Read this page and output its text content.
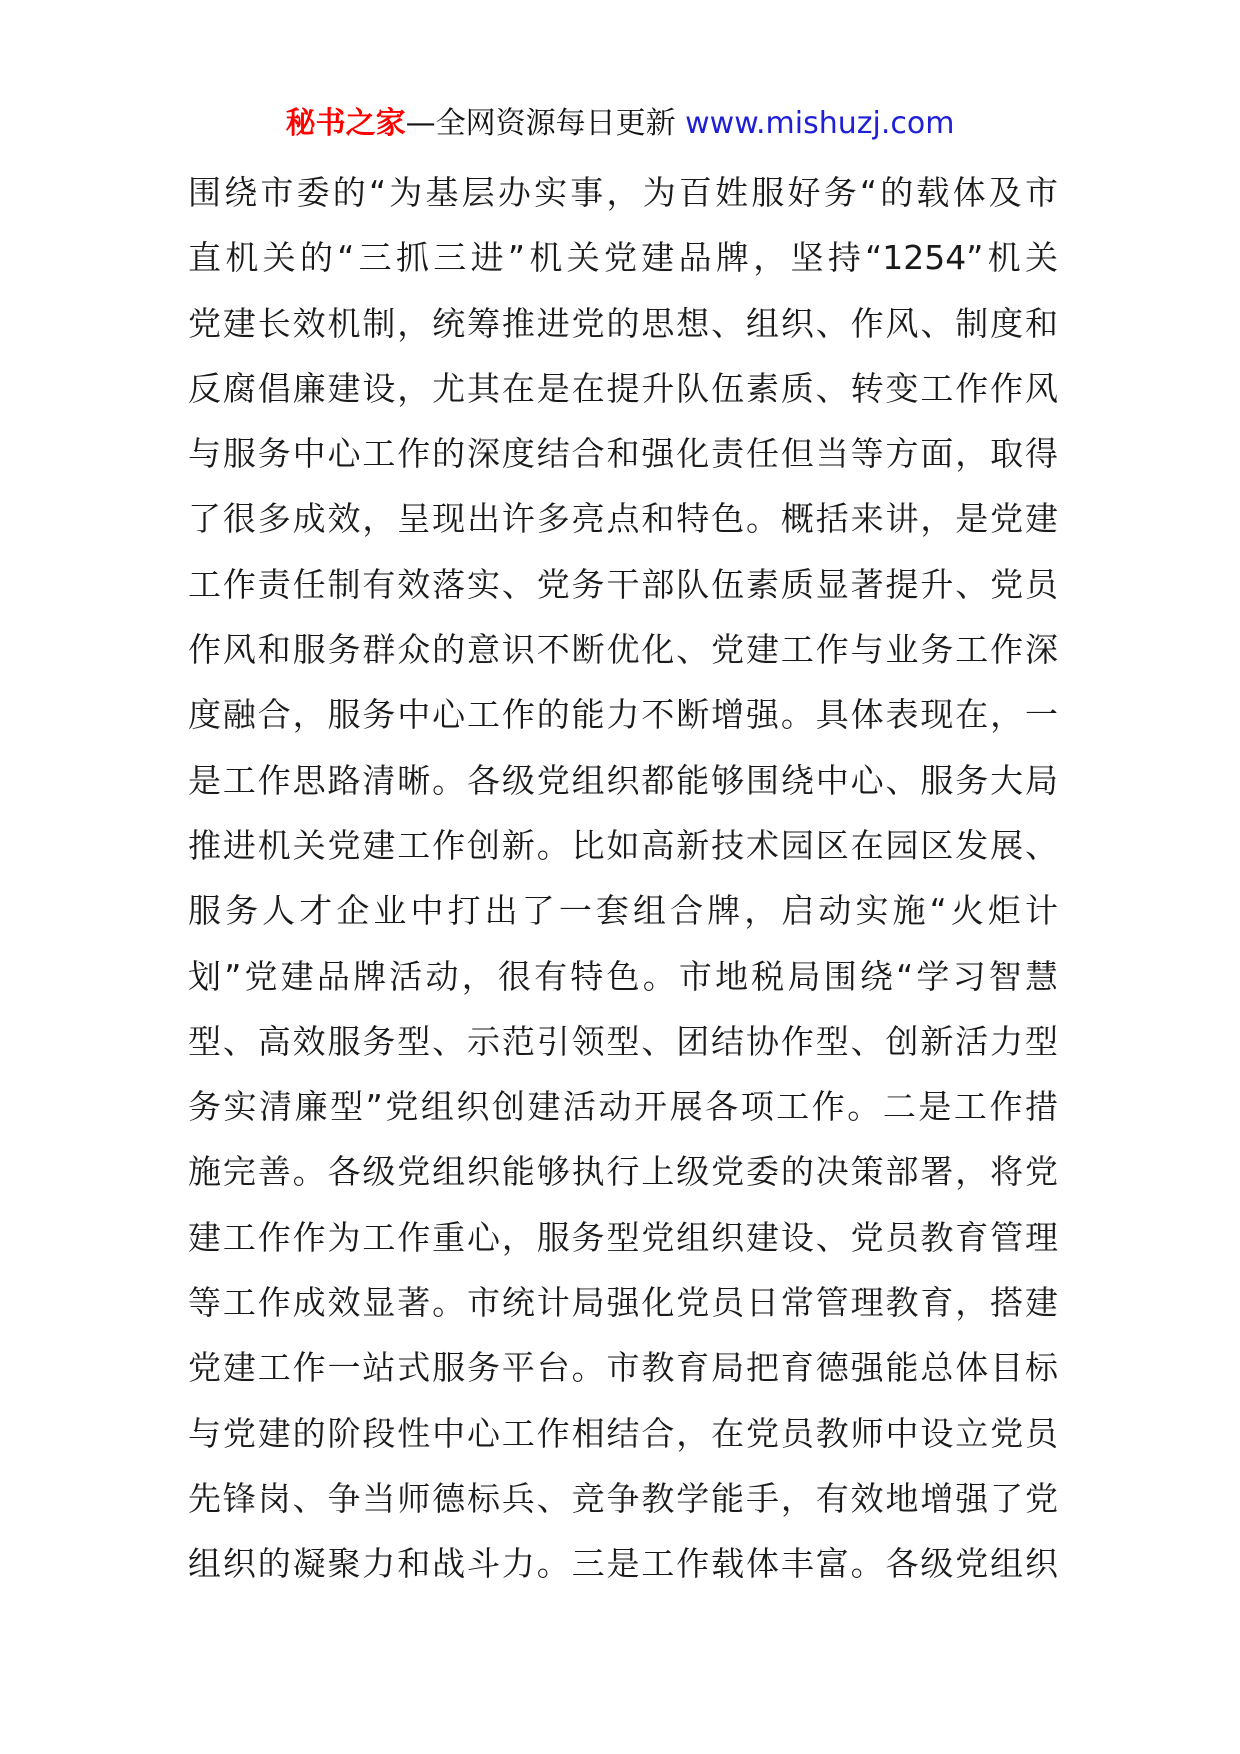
秘书之家—全网资源每日更新 www.mishuzj.com
围绕市委的“为基层办实事，为百姓服好务“的载体及市
直机关的“三抓三进”机关党建品牌，坚持“1254”机关
党建长效机制，统筹推进党的思想、组织、作风、制度和
反腐倡廉建设，尤其在是在提升队伍素质、转变工作作风
与服务中心工作的深度结合和强化责任但当等方面，取得
了很多成效，呈现出许多亮点和特色。概括来讲，是党建
工作责任制有效落实、党务干部队伍素质显著提升、党员
作风和服务群众的意识不断优化、党建工作与业务工作深
度融合，服务中心工作的能力不断增强。具体表现在，一
是工作思路清晰。各级党组织都能够围绕中心、服务大局
推进机关党建工作创新。比如高新技术园区在园区发展、
服务人才企业中打出了一套组合牌，启动实施“火炬计
划”党建品牌活动，很有特色。市地税局围绕“学习智慧
型、高效服务型、示范引领型、团结协作型、创新活力型
务实清廉型”党组织创建活动开展各项工作。二是工作措
施完善。各级党组织能够执行上级党委的决策部署，将党
建工作作为工作重心，服务型党组织建设、党员教育管理
等工作成效显著。市统计局强化党员日常管理教育，搭建
党建工作一站式服务平台。市教育局把育德强能总体目标
与党建的阶段性中心工作相结合，在党员教师中设立党员
先锋岗、争当师德标兵、竞争教学能手，有效地增强了党
组织的凝聚力和战斗力。三是工作载体丰富。各级党组织
